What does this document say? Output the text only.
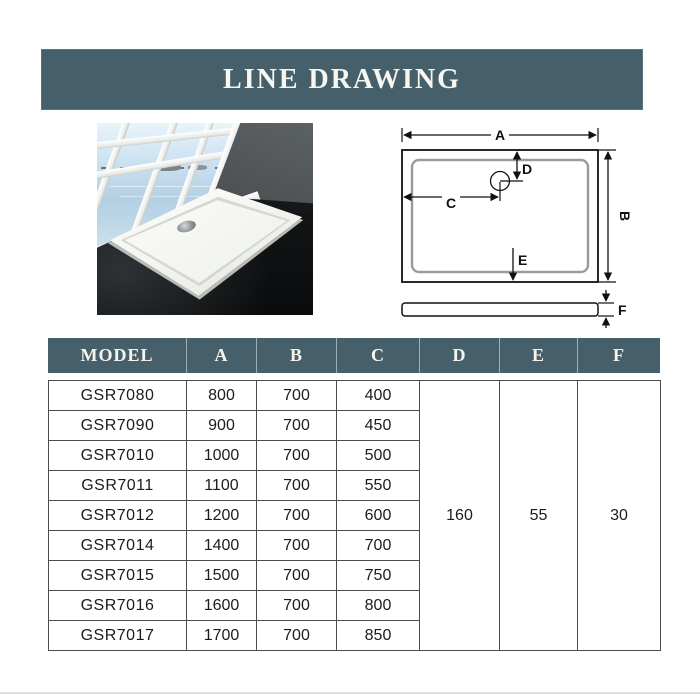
LINE DRAWING
A
B
D
C
E
F
MODEL	A	B	C	D	E	F
GSR7080	800	700	400	160	55	30
GSR7090	900	700	450			
GSR7010	1000	700	500			
GSR7011	1100	700	550			
GSR7012	1200	700	600			
GSR7014	1400	700	700			
GSR7015	1500	700	750			
GSR7016	1600	700	800			
GSR7017	1700	700	850			
